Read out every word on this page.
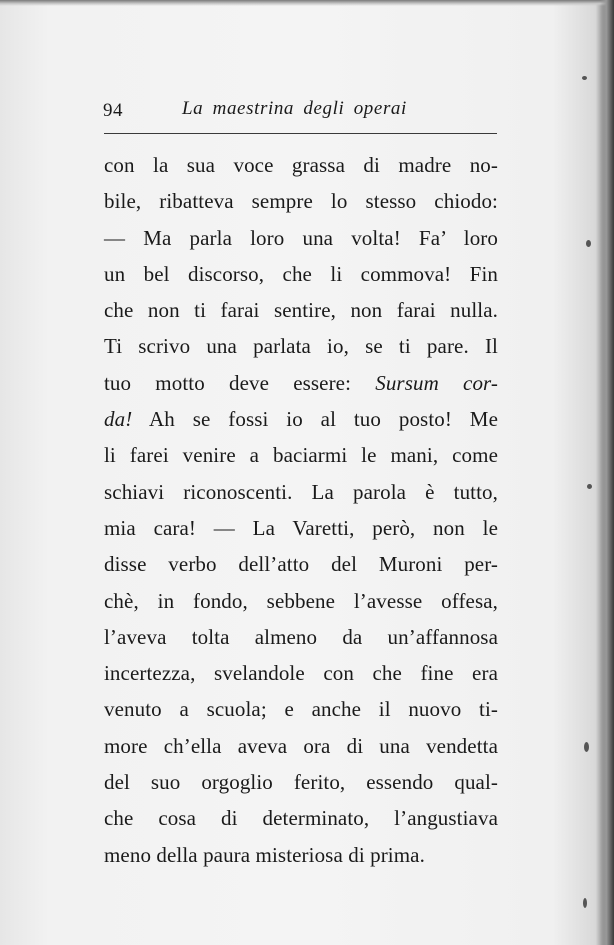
94	La maestrina degli operai
con la sua voce grassa di madre no-
bile, ribatteva sempre lo stesso chiodo:
— Ma parla loro una volta! Fa’ loro
un bel discorso, che li commova! Fin
che non ti farai sentire, non farai nulla.
Ti scrivo una parlata io, se ti pare. Il
tuo motto deve essere: Sursum cor-
da! Ah se fossi io al tuo posto! Me
li farei venire a baciarmi le mani, come
schiavi riconoscenti. La parola è tutto,
mia cara! — La Varetti, però, non le
disse verbo dell’atto del Muroni per-
chè, in fondo, sebbene l’avesse offesa,
l’aveva tolta almeno da un’affannosa
incertezza, svelandole con che fine era
venuto a scuola; e anche il nuovo ti-
more ch’ella aveva ora di una vendetta
del suo orgoglio ferito, essendo qual-
che cosa di determinato, l’angustiava
meno della paura misteriosa di prima.
